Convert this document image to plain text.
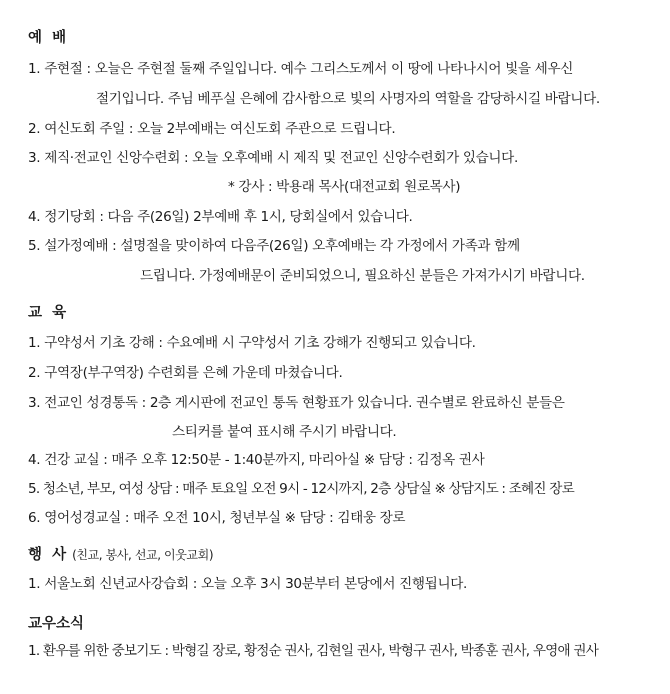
예  배
1. 주현절 : 오늘은 주현절 둘째 주일입니다. 예수 그리스도께서 이 땅에 나타나시어 빛을 세우신
절기입니다. 주님 베푸실 은혜에 감사함으로 빛의 사명자의 역할을 감당하시길 바랍니다.
2. 여신도회 주일 : 오늘 2부예배는 여신도회 주관으로 드립니다.
3. 제직·전교인 신앙수련회 : 오늘 오후예배 시 제직 및 전교인 신앙수련회가 있습니다.
* 강사 : 박용래 목사(대전교회 원로목사)
4. 정기당회 : 다음 주(26일) 2부예배 후 1시, 당회실에서 있습니다.
5. 설가정예배 : 설명절을 맞이하여 다음주(26일) 오후예배는 각 가정에서 가족과 함께
드립니다. 가정예배문이 준비되었으니, 필요하신 분들은 가져가시기 바랍니다.
교  육
1. 구약성서 기초 강해 : 수요예배 시 구약성서 기초 강해가 진행되고 있습니다.
2. 구역장(부구역장) 수련회를 은혜 가운데 마쳤습니다.
3. 전교인 성경통독 : 2층 게시판에 전교인 통독 현황표가 있습니다. 권수별로 완료하신 분들은
스티커를 붙여 표시해 주시기 바랍니다.
4. 건강 교실 : 매주 오후 12:50분 - 1:40분까지, 마리아실 ※ 담당 : 김정옥 권사
5. 청소년, 부모, 여성 상담 : 매주 토요일 오전 9시 - 12시까지, 2층 상담실 ※ 상담지도 : 조혜진 장로
6. 영어성경교실 : 매주 오전 10시, 청년부실 ※ 담당 : 김태웅 장로
행  사 (친교, 봉사, 선교, 이웃교회)
1. 서울노회 신년교사강습회 : 오늘 오후 3시 30분부터 본당에서 진행됩니다.
교우소식
1. 환우를 위한 중보기도 : 박형길 장로, 황정순 권사, 김현일 권사, 박형구 권사, 박종훈 권사, 우영애 권사
